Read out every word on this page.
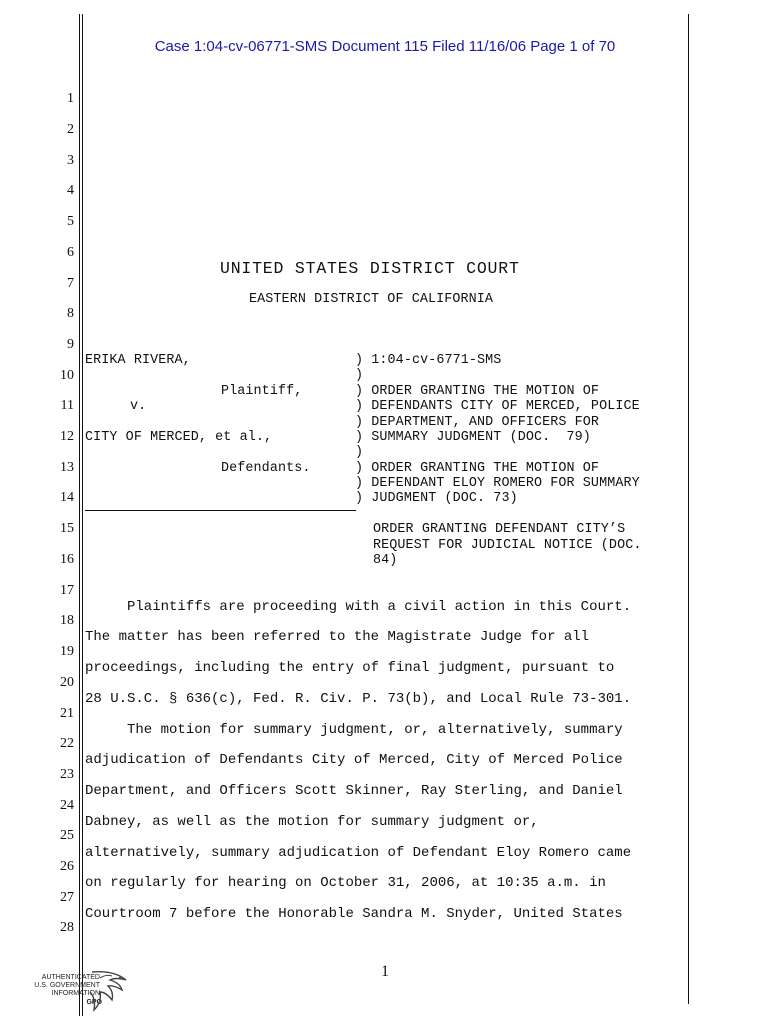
Case 1:04-cv-06771-SMS Document 115 Filed 11/16/06 Page 1 of 70
1
2
3
4
5
6
7
8
9
10
11
12
13
14
15
16
17
18
19
20
21
22
23
24
25
26
27
28
UNITED STATES DISTRICT COURT
EASTERN DISTRICT OF CALIFORNIA
ERIKA RIVERA,
Plaintiff,
v.
CITY OF MERCED, et al.,
Defendants.
) 1:04-cv-6771-SMS
)
) ORDER GRANTING THE MOTION OF
) DEFENDANTS CITY OF MERCED, POLICE
) DEPARTMENT, AND OFFICERS FOR
) SUMMARY JUDGMENT (DOC.  79)
)
) ORDER GRANTING THE MOTION OF
) DEFENDANT ELOY ROMERO FOR SUMMARY
) JUDGMENT (DOC. 73)
ORDER GRANTING DEFENDANT CITY’S
REQUEST FOR JUDICIAL NOTICE (DOC.
84)
Plaintiffs are proceeding with a civil action in this Court.
The matter has been referred to the Magistrate Judge for all
proceedings, including the entry of final judgment, pursuant to
28 U.S.C. § 636(c), Fed. R. Civ. P. 73(b), and Local Rule 73-301.
The motion for summary judgment, or, alternatively, summary
adjudication of Defendants City of Merced, City of Merced Police
Department, and Officers Scott Skinner, Ray Sterling, and Daniel
Dabney, as well as the motion for summary judgment or,
alternatively, summary adjudication of Defendant Eloy Romero came
on regularly for hearing on October 31, 2006, at 10:35 a.m. in
Courtroom 7 before the Honorable Sandra M. Snyder, United States
1
AUTHENTICATED
U.S. GOVERNMENT
INFORMATION
GPO
